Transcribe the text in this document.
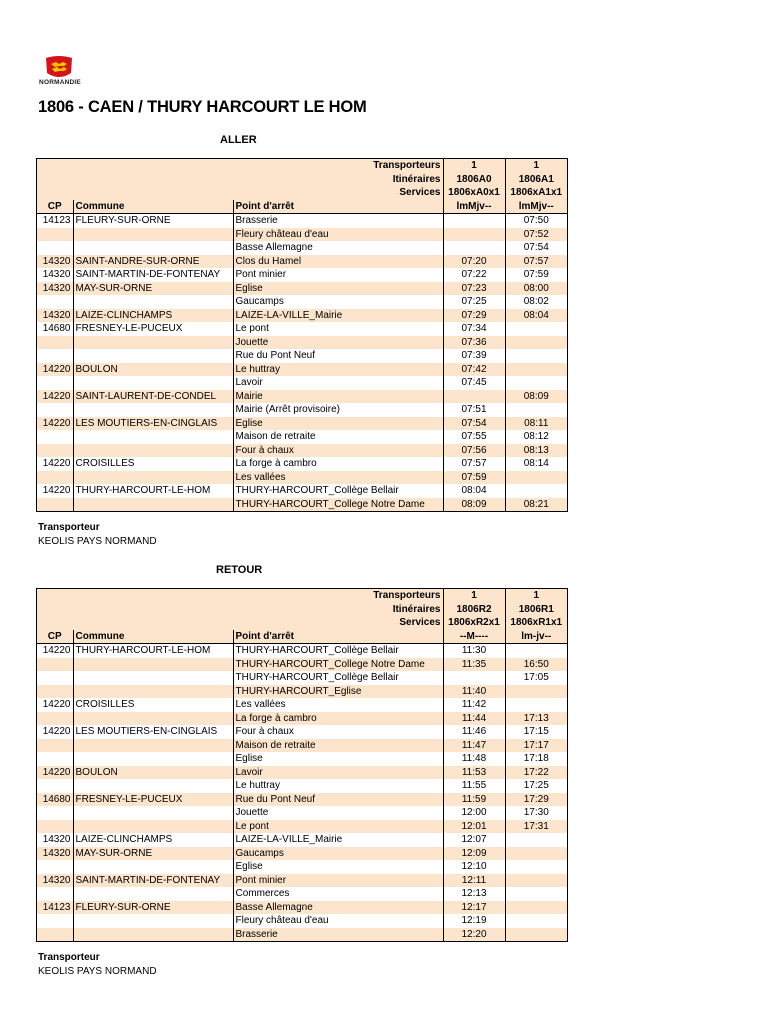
NORMANDIE
1806 - CAEN / THURY HARCOURT LE HOM
ALLER
Transporteurs			1	1
Itinéraires			1806A0	1806A1
Services			1806xA0x1	1806xA1x1
CP	Commune	Point d'arrêt	lmMjv--	lmMjv--
14123	FLEURY-SUR-ORNE	Brasserie		07:50
		Fleury château d'eau		07:52
		Basse Allemagne		07:54
14320	SAINT-ANDRE-SUR-ORNE	Clos du Hamel	07:20	07:57
14320	SAINT-MARTIN-DE-FONTENAY	Pont minier	07:22	07:59
14320	MAY-SUR-ORNE	Eglise	07:23	08:00
		Gaucamps	07:25	08:02
14320	LAIZE-CLINCHAMPS	LAIZE-LA-VILLE_Mairie	07:29	08:04
14680	FRESNEY-LE-PUCEUX	Le pont	07:34	
		Jouette	07:36	
		Rue du Pont Neuf	07:39	
14220	BOULON	Le huttray	07:42	
		Lavoir	07:45	
14220	SAINT-LAURENT-DE-CONDEL	Mairie		08:09
		Mairie (Arrêt provisoire)	07:51	
14220	LES MOUTIERS-EN-CINGLAIS	Eglise	07:54	08:11
		Maison de retraite	07:55	08:12
		Four à chaux	07:56	08:13
14220	CROISILLES	La forge à cambro	07:57	08:14
		Les vallées	07:59	
14220	THURY-HARCOURT-LE-HOM	THURY-HARCOURT_Collège Bellair	08:04	
		THURY-HARCOURT_College Notre Dame	08:09	08:21
Transporteur
KEOLIS PAYS NORMAND
RETOUR
Transporteurs			1	1
Itinéraires			1806R2	1806R1
Services			1806xR2x1	1806xR1x1
CP	Commune	Point d'arrêt	--M----	lm-jv--
14220	THURY-HARCOURT-LE-HOM	THURY-HARCOURT_Collège Bellair	11:30	
		THURY-HARCOURT_College Notre Dame	11:35	16:50
		THURY-HARCOURT_Collège Bellair		17:05
		THURY-HARCOURT_Eglise	11:40	
14220	CROISILLES	Les vallées	11:42	
		La forge à cambro	11:44	17:13
14220	LES MOUTIERS-EN-CINGLAIS	Four à chaux	11:46	17:15
		Maison de retraite	11:47	17:17
		Eglise	11:48	17:18
14220	BOULON	Lavoir	11:53	17:22
		Le huttray	11:55	17:25
14680	FRESNEY-LE-PUCEUX	Rue du Pont Neuf	11:59	17:29
		Jouette	12:00	17:30
		Le pont	12:01	17:31
14320	LAIZE-CLINCHAMPS	LAIZE-LA-VILLE_Mairie	12:07	
14320	MAY-SUR-ORNE	Gaucamps	12:09	
		Eglise	12:10	
14320	SAINT-MARTIN-DE-FONTENAY	Pont minier	12:11	
		Commerces	12:13	
14123	FLEURY-SUR-ORNE	Basse Allemagne	12:17	
		Fleury château d'eau	12:19	
		Brasserie	12:20	
Transporteur
KEOLIS PAYS NORMAND
